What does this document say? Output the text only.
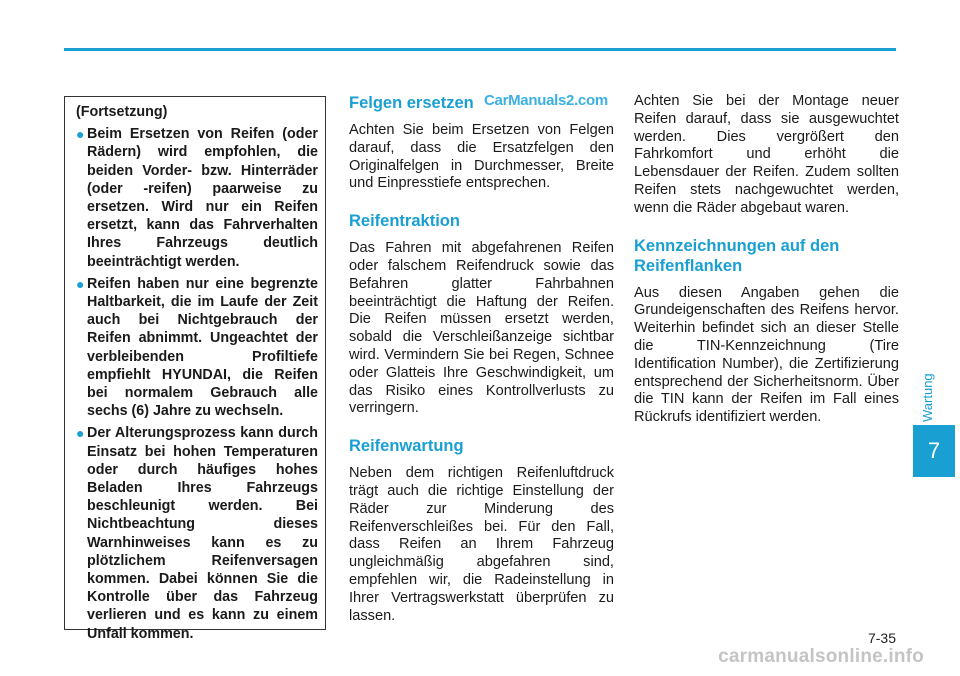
(Fortsetzung)
● Beim Ersetzen von Reifen (oder Rädern) wird empfohlen, die beiden Vorder- bzw. Hinterräder (oder -reifen) paarweise zu ersetzen. Wird nur ein Reifen ersetzt, kann das Fahrverhalten Ihres Fahrzeugs deutlich beeinträchtigt werden.
● Reifen haben nur eine begrenzte Haltbarkeit, die im Laufe der Zeit auch bei Nichtgebrauch der Reifen abnimmt. Ungeachtet der verbleibenden Profiltiefe empfiehlt HYUNDAI, die Reifen bei normalem Gebrauch alle sechs (6) Jahre zu wechseln.
● Der Alterungsprozess kann durch Einsatz bei hohen Temperaturen oder durch häufiges hohes Beladen Ihres Fahrzeugs beschleunigt werden. Bei Nichtbeachtung dieses Warnhinweises kann es zu plötzlichem Reifenversagen kommen. Dabei können Sie die Kontrolle über das Fahrzeug verlieren und es kann zu einem Unfall kommen.
Felgen ersetzen

Achten Sie beim Ersetzen von Felgen darauf, dass die Ersatzfelgen den Originalfelgen in Durchmesser, Breite und Einpresstiefe entsprechen.

Reifentraktion

Das Fahren mit abgefahrenen Reifen oder falschem Reifendruck sowie das Befahren glatter Fahrbahnen beeinträchtigt die Haftung der Reifen. Die Reifen müssen ersetzt werden, sobald die Verschleißanzeige sichtbar wird. Vermindern Sie bei Regen, Schnee oder Glatteis Ihre Geschwindigkeit, um das Risiko eines Kontrollverlusts zu verringern.

Reifenwartung

Neben dem richtigen Reifenluftdruck trägt auch die richtige Einstellung der Räder zur Minderung des Reifenverschleißes bei. Für den Fall, dass Reifen an Ihrem Fahrzeug ungleichmäßig abgefahren sind, empfehlen wir, die Radeinstellung in Ihrer Vertragswerkstatt überprüfen zu lassen.

Achten Sie bei der Montage neuer Reifen darauf, dass sie ausgewuchtet werden. Dies vergrößert den Fahrkomfort und erhöht die Lebensdauer der Reifen. Zudem sollten Reifen stets nachgewuchtet werden, wenn die Räder abgebaut waren.

Kennzeichnungen auf den Reifenflanken

Aus diesen Angaben gehen die Grundeigenschaften des Reifens hervor. Weiterhin befindet sich an dieser Stelle die TIN-Kennzeichnung (Tire Identification Number), die Zertifizierung entsprechend der Sicherheitsnorm. Über die TIN kann der Reifen im Fall eines Rückrufs identifiziert werden.

CarManuals2.com
Wartung
7
7-35
carmanualsonline.info
